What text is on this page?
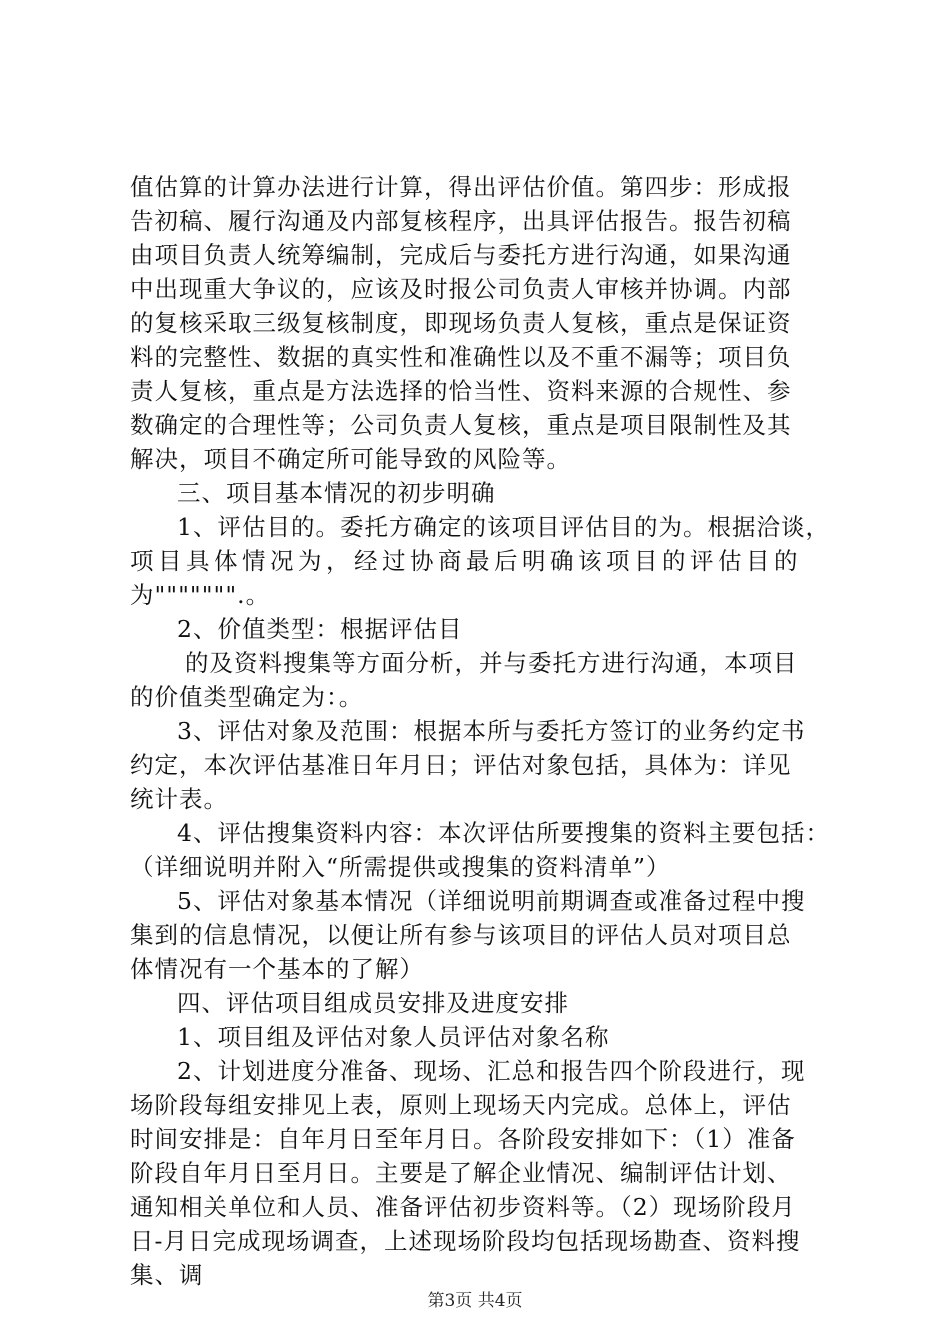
值估算的计算办法进行计算，得出评估价值。第四步：形成报
告初稿、履行沟通及内部复核程序，出具评估报告。报告初稿
由项目负责人统筹编制，完成后与委托方进行沟通，如果沟通
中出现重大争议的，应该及时报公司负责人审核并协调。内部
的复核采取三级复核制度，即现场负责人复核，重点是保证资
料的完整性、数据的真实性和准确性以及不重不漏等；项目负
责人复核，重点是方法选择的恰当性、资料来源的合规性、参
数确定的合理性等；公司负责人复核，重点是项目限制性及其
解决，项目不确定所可能导致的风险等。
三、项目基本情况的初步明确
1、评估目的。委托方确定的该项目评估目的为。根据洽谈，
项目具体情况为，经过协商最后明确该项目的评估目的
为""""""".。
2、价值类型：根据评估目
的及资料搜集等方面分析，并与委托方进行沟通，本项目
的价值类型确定为：。
3、评估对象及范围：根据本所与委托方签订的业务约定书
约定，本次评估基准日年月日；评估对象包括，具体为：详见
统计表。
4、评估搜集资料内容：本次评估所要搜集的资料主要包括：
（详细说明并附入“所需提供或搜集的资料清单”）
5、评估对象基本情况（详细说明前期调查或准备过程中搜
集到的信息情况，以便让所有参与该项目的评估人员对项目总
体情况有一个基本的了解）
四、评估项目组成员安排及进度安排
1、项目组及评估对象人员评估对象名称
2、计划进度分准备、现场、汇总和报告四个阶段进行，现
场阶段每组安排见上表，原则上现场天内完成。总体上，评估
时间安排是：自年月日至年月日。各阶段安排如下：（1）准备
阶段自年月日至月日。主要是了解企业情况、编制评估计划、
通知相关单位和人员、准备评估初步资料等。（2）现场阶段月
日-月日完成现场调查，上述现场阶段均包括现场勘查、资料搜
集、调
第3页 共4页
